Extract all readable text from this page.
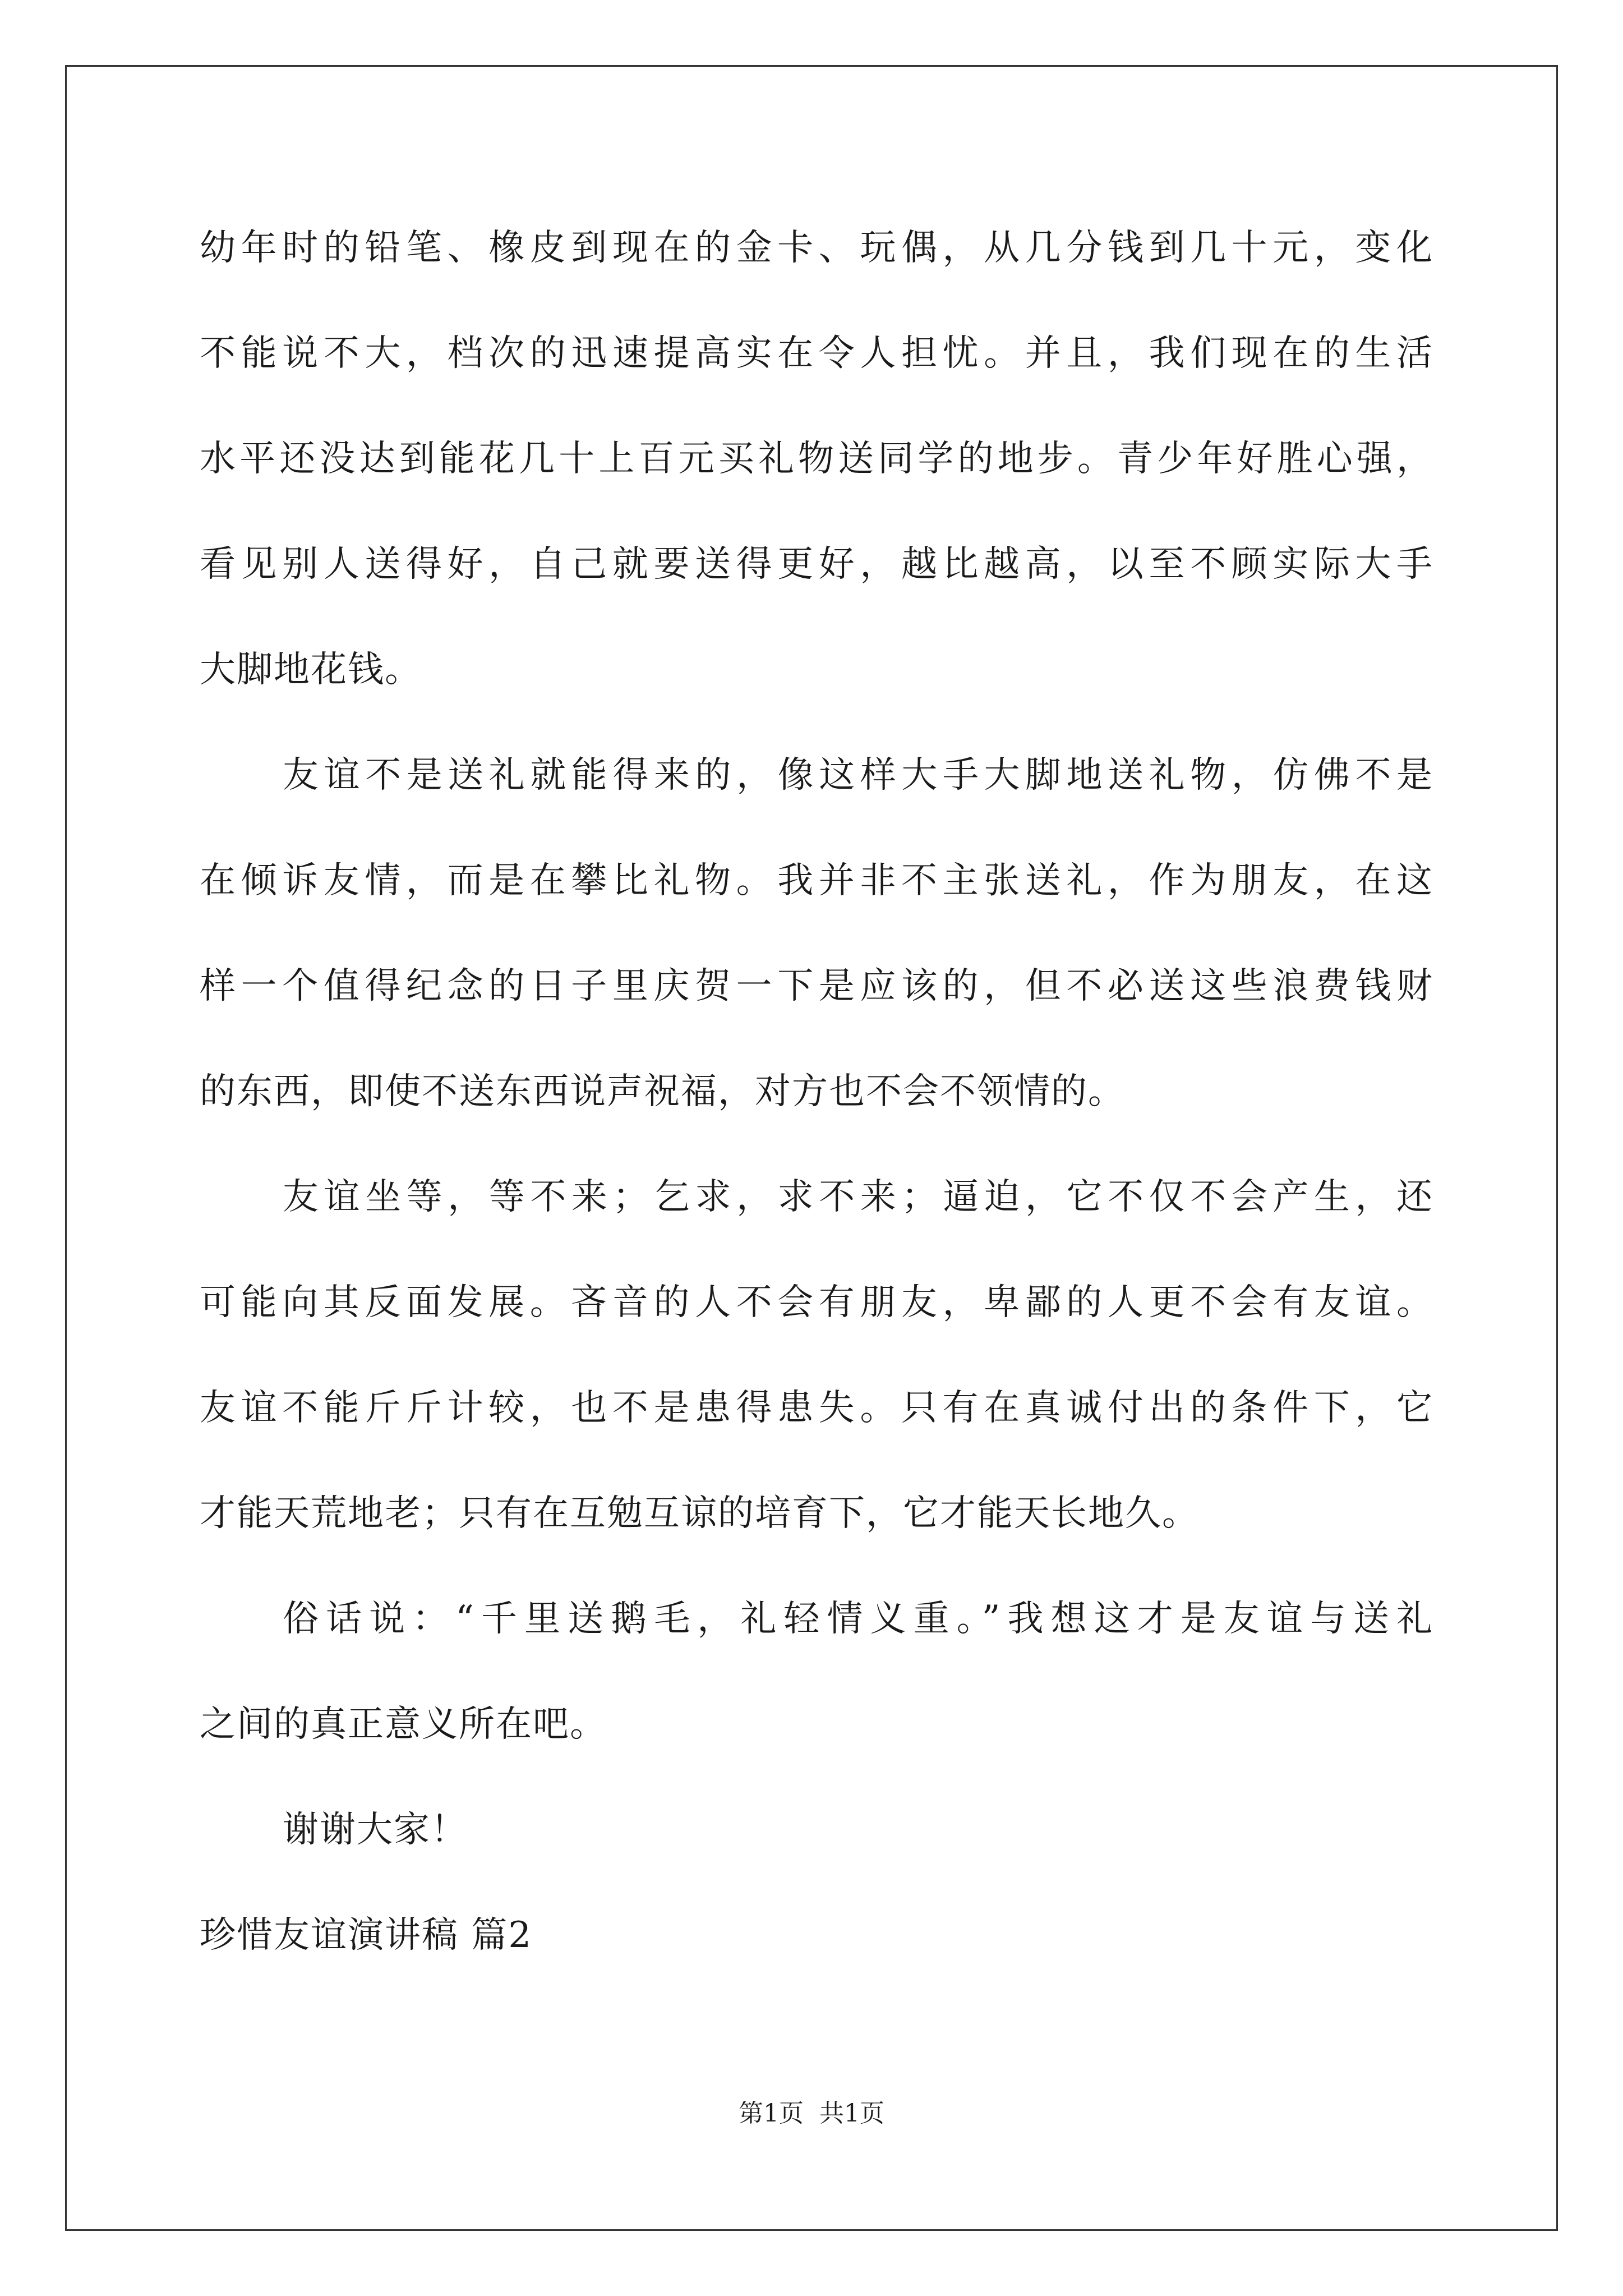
幼年时的铅笔、橡皮到现在的金卡、玩偶，从几分钱到几十元，变化
不能说不大，档次的迅速提高实在令人担忧。并且，我们现在的生活
水平还没达到能花几十上百元买礼物送同学的地步。青少年好胜心强，
看见别人送得好，自己就要送得更好，越比越高，以至不顾实际大手
大脚地花钱。
友谊不是送礼就能得来的，像这样大手大脚地送礼物，仿佛不是
在倾诉友情，而是在攀比礼物。我并非不主张送礼，作为朋友，在这
样一个值得纪念的日子里庆贺一下是应该的，但不必送这些浪费钱财
的东西，即使不送东西说声祝福，对方也不会不领情的。
友谊坐等，等不来；乞求，求不来；逼迫，它不仅不会产生，还
可能向其反面发展。吝音的人不会有朋友，卑鄙的人更不会有友谊。
友谊不能斤斤计较，也不是患得患失。只有在真诚付出的条件下，它
才能天荒地老；只有在互勉互谅的培育下，它才能天长地久。
俗话说：“千里送鹅毛，礼轻情义重。”我想这才是友谊与送礼
之间的真正意义所在吧。
谢谢大家！
珍惜友谊演讲稿 篇2
第1页  共1页
